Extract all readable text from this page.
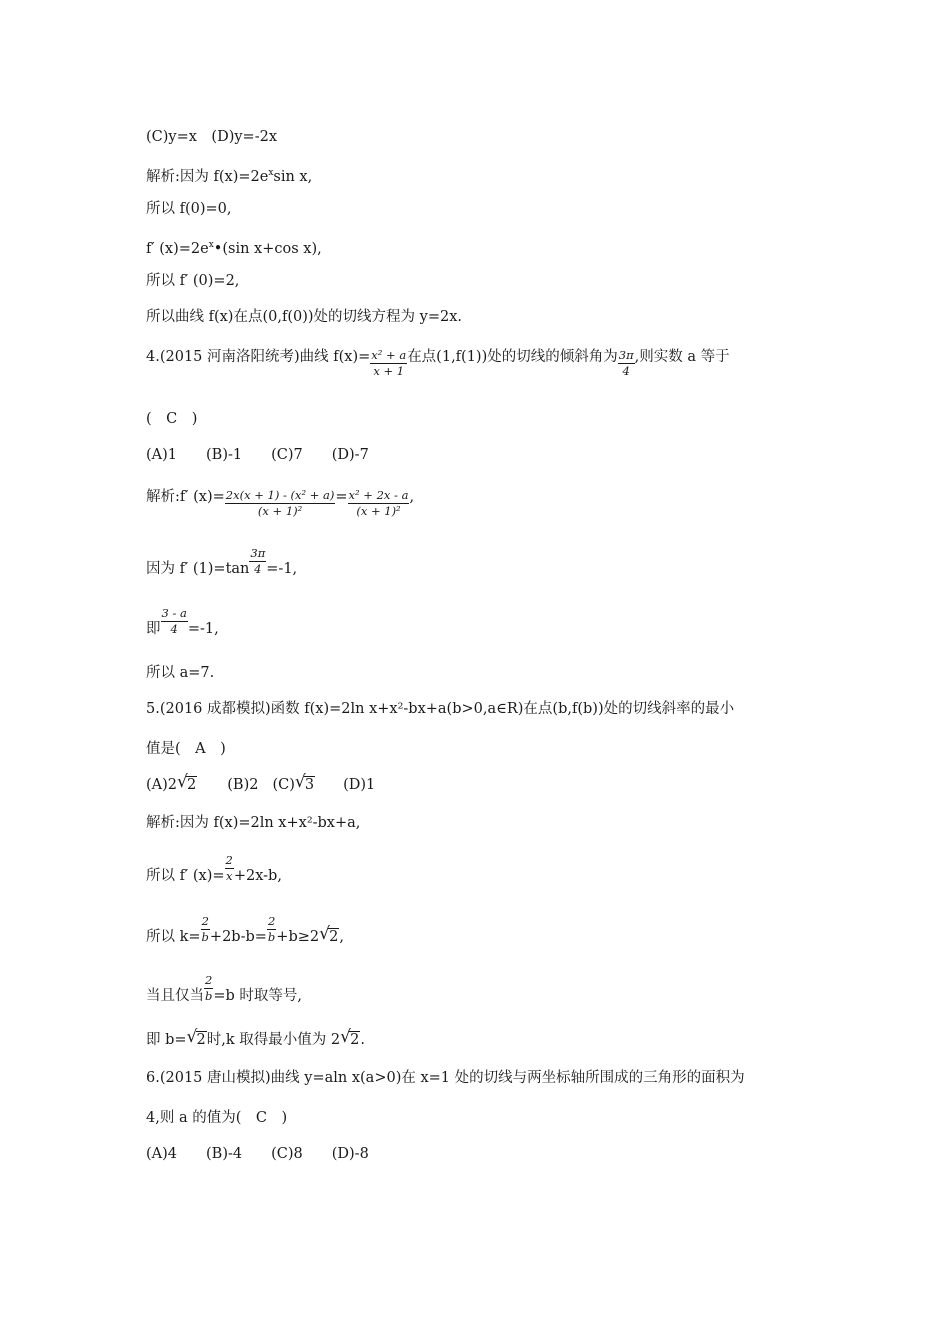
(C)y=x　(D)y=-2x
解析:因为 f(x)=2exsin x,
所以 f(0)=0,
f′ (x)=2ex•(sin x+cos x),
所以 f′ (0)=2,
所以曲线 f(x)在点(0,f(0))处的切线方程为 y=2x.
4.(2015 河南洛阳统考)曲线 $f(x)= \frac{\text{x² + a}}{x + 1}$ 在点(1,f(1))处的切线的倾斜角为 $\frac{3\pi}{4}$ ,则实数 a 等于
(　C　)
(A)1　　(B)-1　　(C)7　　(D)-7
解析:f′ $(x)= \frac{\text{2x(x + 1) - (x² + a)}}{\text{(x + 1)²}} = \frac{\text{x² + 2x - a}}{\text{(x + 1)²}}$ ,
因为 f′ $(1)=\tan \frac{3\pi}{4} =-1$,
即 $\frac{3 - a}{4} =-1$,
所以 a=7.
5.(2016 成都模拟)函数 f(x)=2ln x+x²-bx+a(b>0,a∈R)在点(b,f(b))处的切线斜率的最小
值是(　A　)
(A)2 √ 2 (B)2 (C) √ 3 (D)1
解析:因为 f(x)=2ln x+x²-bx+a,
所以 f′ $(x)= \frac{2}{x} +2x-b$,
所以 $k= \frac{2}{b} +2b-b= \frac{2}{b} +b\ge 2$ √ 2,
当且仅当 $\frac{2}{b} =b$ 时取等号,
即 b= √ 2时,k 取得最小值为 2 √ 2.
6.(2015 唐山模拟)曲线 y=aln x(a>0)在 x=1 处的切线与两坐标轴所围成的三角形的面积为
4,则 a 的值为(　C　)
(A)4　　(B)-4　　(C)8　　(D)-8
